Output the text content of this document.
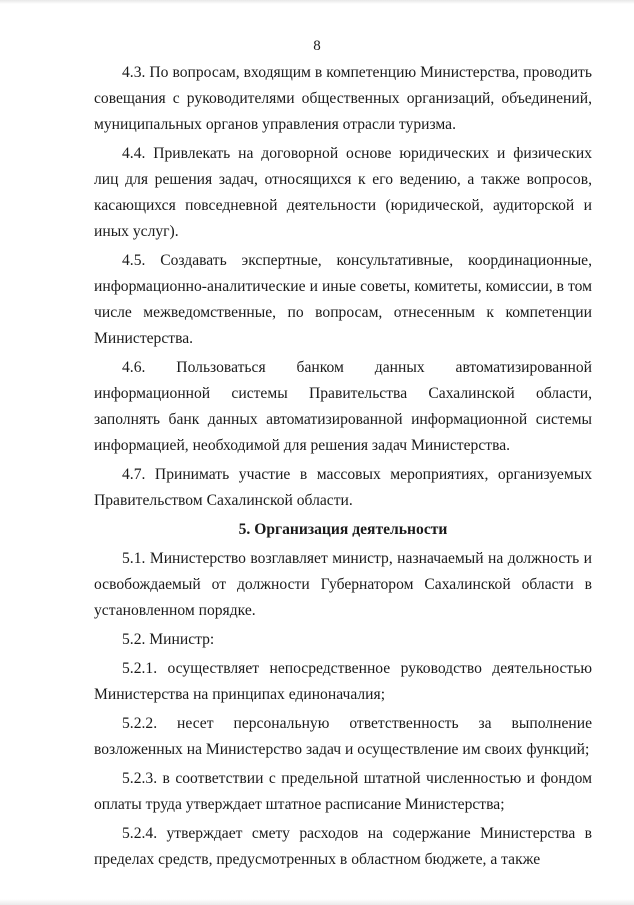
8

4.3. По вопросам, входящим в компетенцию Министерства, проводить совещания с руководителями общественных организаций, объединений, муниципальных органов управления отрасли туризма.

4.4. Привлекать на договорной основе юридических и физических лиц для решения задач, относящихся к его ведению, а также вопросов, касающихся повседневной деятельности (юридической, аудиторской и иных услуг).

4.5. Создавать экспертные, консультативные, координационные, информационно-аналитические и иные советы, комитеты, комиссии, в том числе межведомственные, по вопросам, отнесенным к компетенции Министерства.

4.6. Пользоваться банком данных автоматизированной информационной системы Правительства Сахалинской области, заполнять банк данных автоматизированной информационной системы информацией, необходимой для решения задач Министерства.

4.7. Принимать участие в массовых мероприятиях, организуемых Правительством Сахалинской области.

5. Организация деятельности

5.1. Министерство возглавляет министр, назначаемый на должность и освобождаемый от должности Губернатором Сахалинской области в установленном порядке.

5.2. Министр:

5.2.1. осуществляет непосредственное руководство деятельностью Министерства на принципах единоначалия;

5.2.2. несет персональную ответственность за выполнение возложенных на Министерство задач и осуществление им своих функций;

5.2.3. в соответствии с предельной штатной численностью и фондом оплаты труда утверждает штатное расписание Министерства;

5.2.4. утверждает смету расходов на содержание Министерства в пределах средств, предусмотренных в областном бюджете, а также
